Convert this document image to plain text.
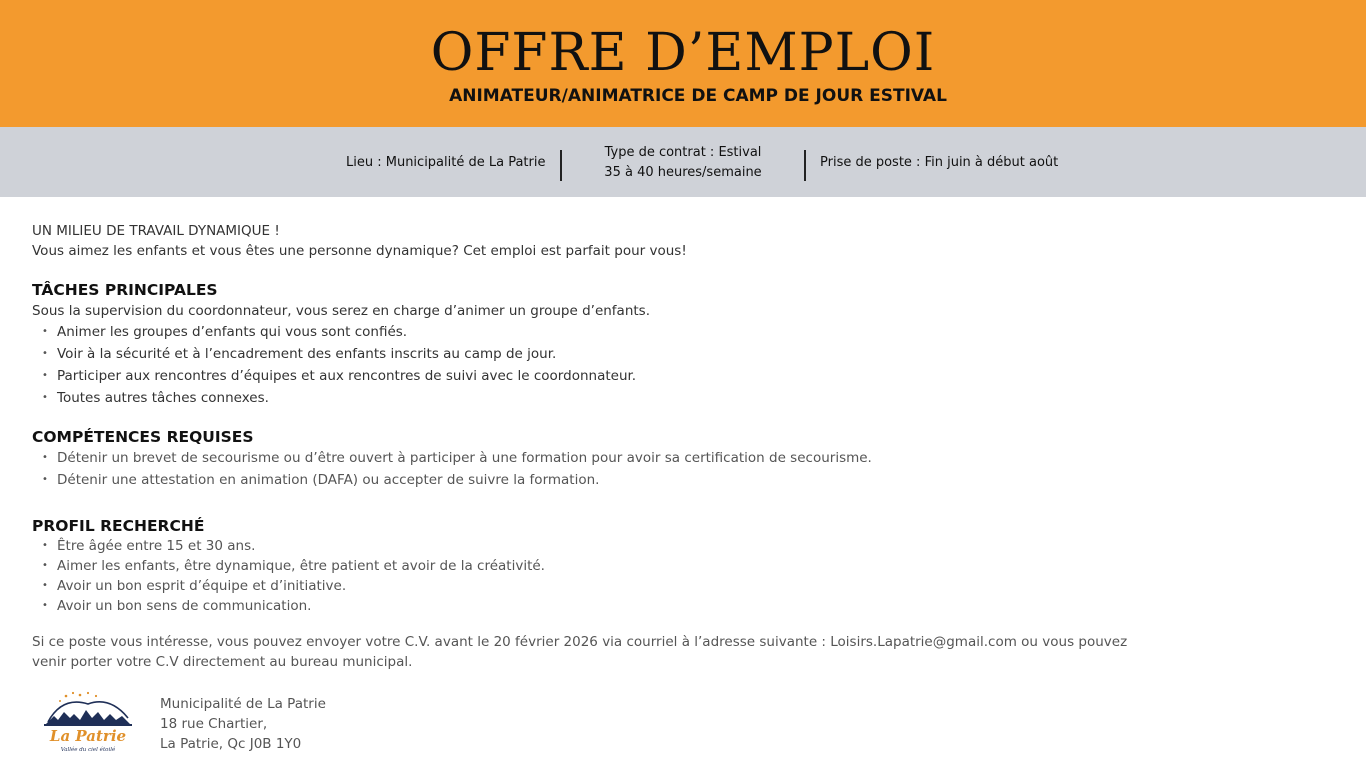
OFFRE D’EMPLOI
ANIMATEUR/ANIMATRICE DE CAMP DE JOUR ESTIVAL
Lieu : Municipalité de La Patrie
Type de contrat : Estival
35 à 40 heures/semaine
Prise de poste : Fin juin à début août
UN MILIEU DE TRAVAIL DYNAMIQUE !
Vous aimez les enfants et vous êtes une personne dynamique? Cet emploi est parfait pour vous!
TÂCHES PRINCIPALES
Sous la supervision du coordonnateur, vous serez en charge d’animer un groupe d’enfants.
• Animer les groupes d’enfants qui vous sont confiés.
• Voir à la sécurité et à l’encadrement des enfants inscrits au camp de jour.
• Participer aux rencontres d’équipes et aux rencontres de suivi avec le coordonnateur.
• Toutes autres tâches connexes.
COMPÉTENCES REQUISES
• Détenir un brevet de secourisme ou d’être ouvert à participer à une formation pour avoir sa certification de secourisme.
• Détenir une attestation en animation (DAFA) ou accepter de suivre la formation.
PROFIL RECHERCHÉ
• Être âgée entre 15 et 30 ans.
• Aimer les enfants, être dynamique, être patient et avoir de la créativité.
• Avoir un bon esprit d’équipe et d’initiative.
• Avoir un bon sens de communication.
Si ce poste vous intéresse, vous pouvez envoyer votre C.V. avant le 20 février 2026 via courriel à l’adresse suivante : Loisirs.Lapatrie@gmail.com ou vous pouvez
venir porter votre C.V directement au bureau municipal.
La Patrie
Vallée du ciel étoilé
Municipalité de La Patrie
18 rue Chartier,
La Patrie, Qc J0B 1Y0
